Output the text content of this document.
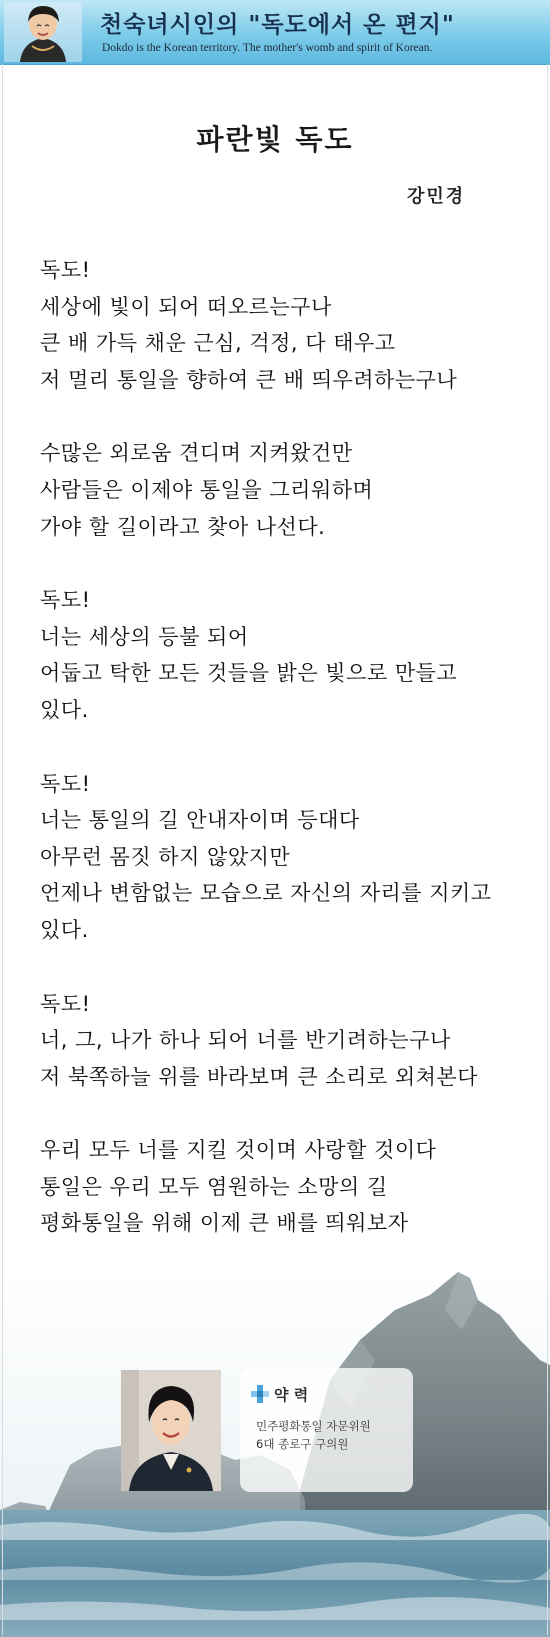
천숙녀시인의 "독도에서 온 편지"
Dokdo is the Korean territory. The mother's womb and spirit of Korean.
파란빛 독도
강민경
독도!
세상에 빛이 되어 떠오르는구나
큰 배 가득 채운 근심, 걱정, 다 태우고
저 멀리 통일을 향하여 큰 배 띄우려하는구나
수많은 외로움 견디며 지켜왔건만
사람들은 이제야 통일을 그리워하며
가야 할 길이라고 찾아 나선다.
독도!
너는 세상의 등불 되어
어둡고 탁한 모든 것들을 밝은 빛으로 만들고
있다.
독도!
너는 통일의 길 안내자이며 등대다
아무런 몸짓 하지 않았지만
언제나 변함없는 모습으로 자신의 자리를 지키고
있다.
독도!
너, 그, 나가 하나 되어 너를 반기려하는구나
저 북쪽하늘 위를 바라보며 큰 소리로 외쳐본다
우리 모두 너를 지킬 것이며 사랑할 것이다
통일은 우리 모두 염원하는 소망의 길
평화통일을 위해 이제 큰 배를 띄워보자
약 력
민주평화통일 자문위원
6대 종로구 구의원
